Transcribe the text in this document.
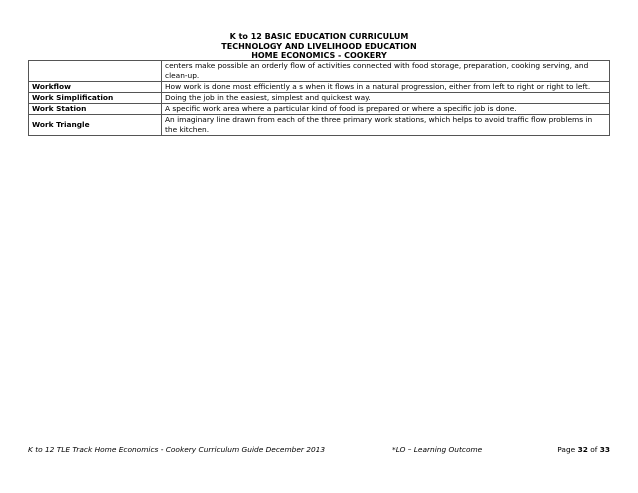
K to 12 BASIC EDUCATION CURRICULUM
TECHNOLOGY AND LIVELIHOOD EDUCATION
HOME ECONOMICS - COOKERY
	centers make possible an orderly flow of activities connected with food storage, preparation, cooking serving, and clean-up.
Workflow	How work is done most efficiently a s when it flows in a natural progression, either from left to right or right to left.
Work Simplification	Doing the job in the easiest, simplest and quickest way.
Work Station	A specific work area where a particular kind of food is prepared or where a specific job is done.
Work Triangle	An imaginary line drawn from each of the three primary work stations, which helps to avoid traffic flow problems in the kitchen.
K to 12 TLE Track Home Economics - Cookery Curriculum Guide December 2013	*LO – Learning Outcome	Page 32 of 33
